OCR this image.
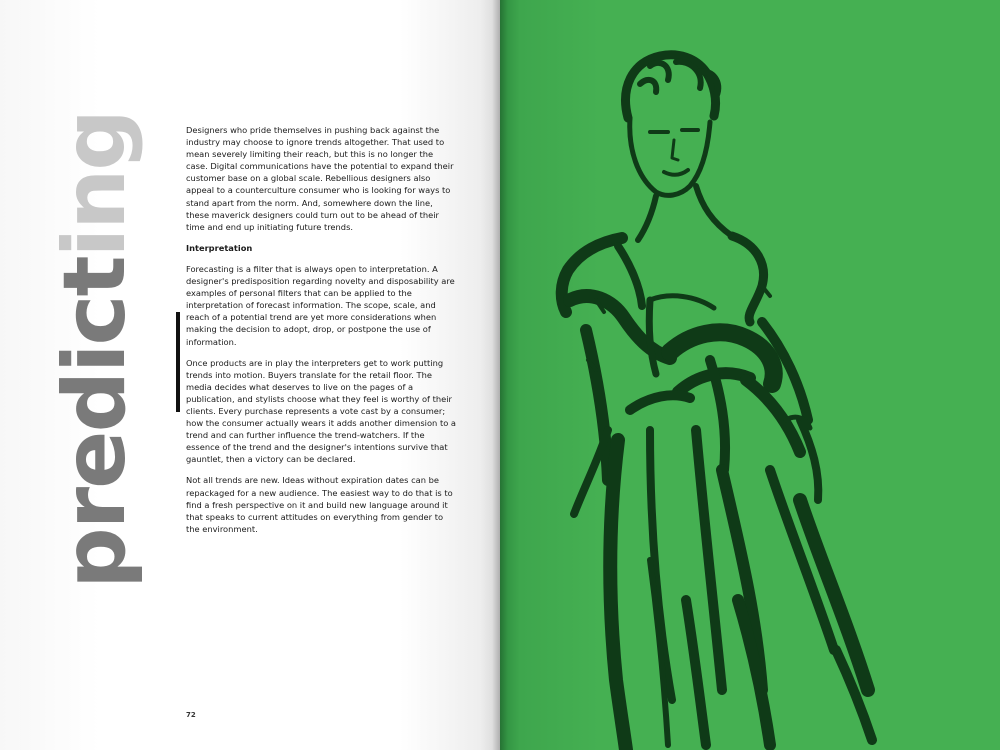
predicting	Designers who pride themselves in pushing back against the industry may choose to ignore trends altogether. That used to mean severely limiting their reach, but this is no longer the case. Digital communications have the potential to expand their customer base on a global scale. Rebellious designers also appeal to a counterculture consumer who is looking for ways to stand apart from the norm. And, somewhere down the line, these maverick designers could turn out to be ahead of their time and end up initiating future trends.

Interpretation

Forecasting is a filter that is always open to interpretation. A designer's predisposition regarding novelty and disposability are examples of personal filters that can be applied to the interpretation of forecast information. The scope, scale, and reach of a potential trend are yet more considerations when making the decision to adopt, drop, or postpone the use of information.

Once products are in play the interpreters get to work putting trends into motion. Buyers translate for the retail floor. The media decides what deserves to live on the pages of a publication, and stylists choose what they feel is worthy of their clients. Every purchase represents a vote cast by a consumer; how the consumer actually wears it adds another dimension to a trend and can further influence the trend-watchers. If the essence of the trend and the designer's intentions survive that gauntlet, then a victory can be declared.

Not all trends are new. Ideas without expiration dates can be repackaged for a new audience. The easiest way to do that is to find a fresh perspective on it and build new language around it that speaks to current attitudes on everything from gender to the environment.

72
